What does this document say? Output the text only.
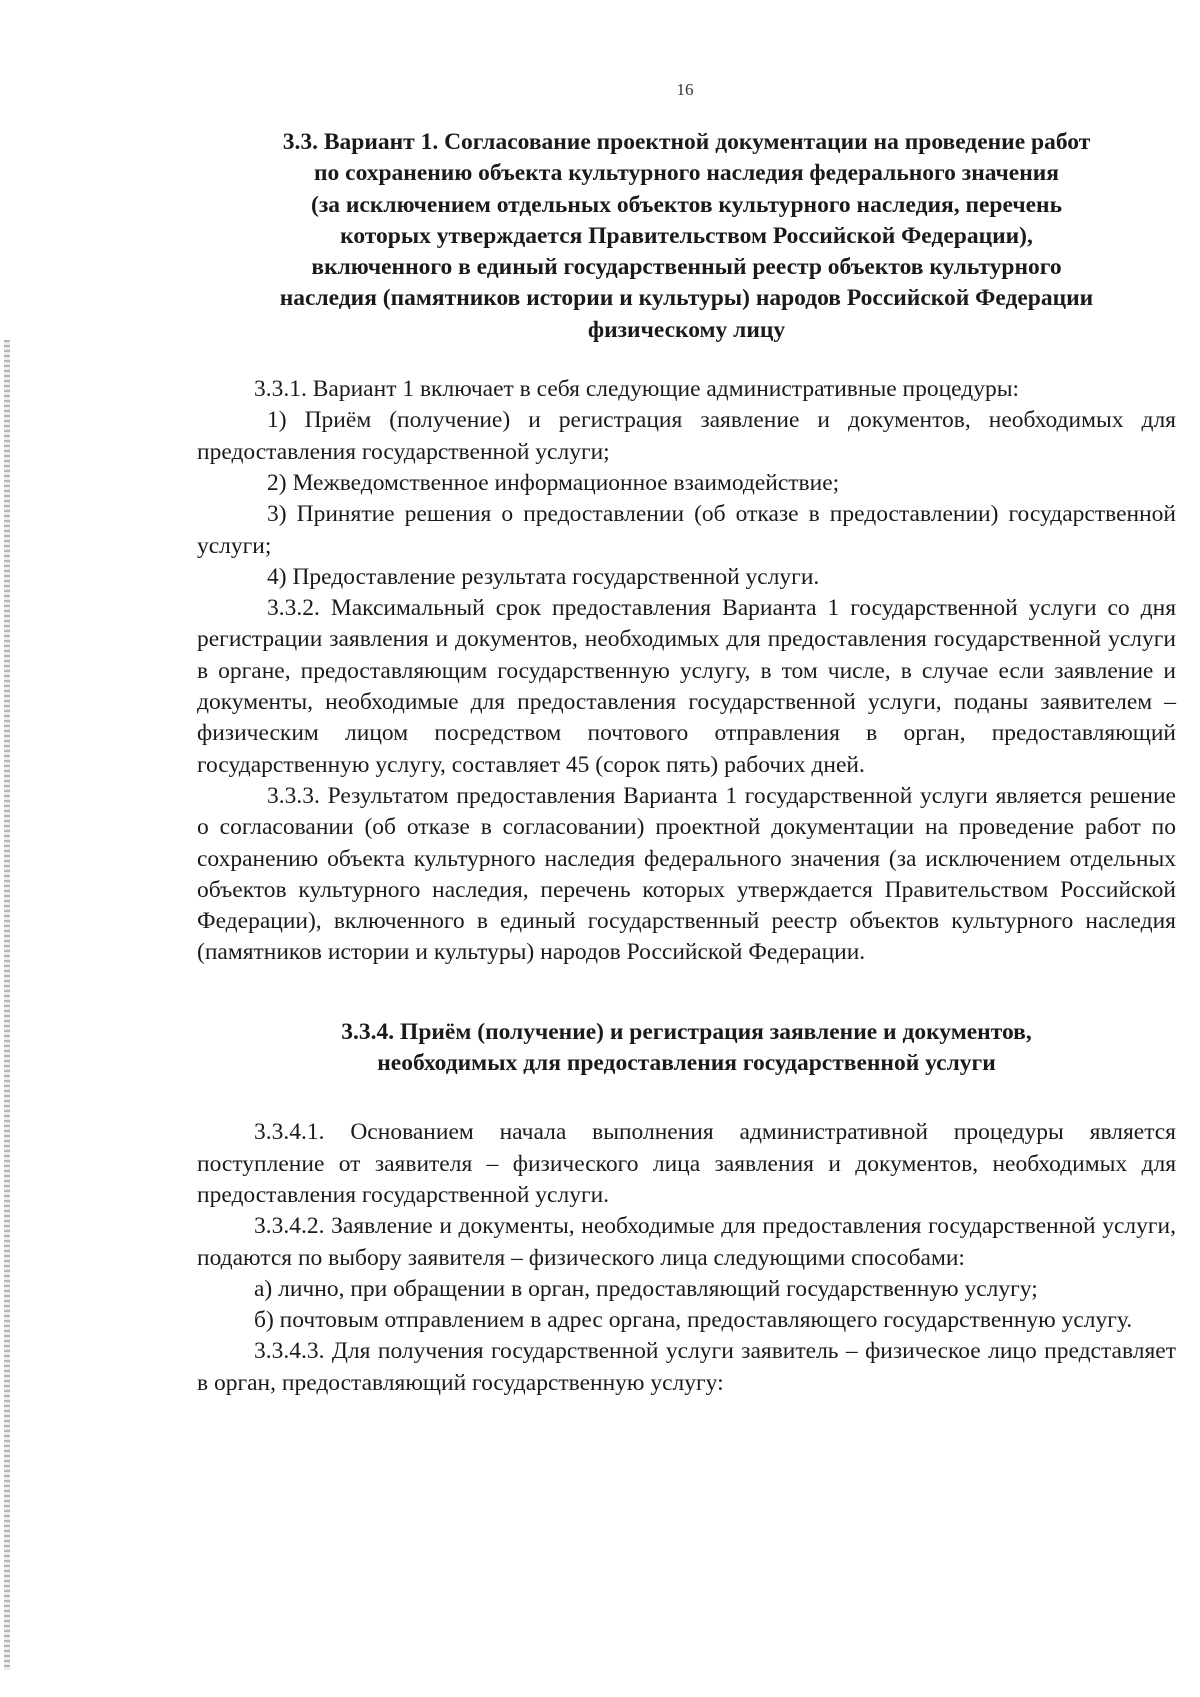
16
3.3. Вариант 1. Согласование проектной документации на проведение работ
по сохранению объекта культурного наследия федерального значения
(за исключением отдельных объектов культурного наследия, перечень
которых утверждается Правительством Российской Федерации),
включенного в единый государственный реестр объектов культурного
наследия (памятников истории и культуры) народов Российской Федерации
физическому лицу

3.3.1. Вариант 1 включает в себя следующие административные процедуры:

1) Приём (получение) и регистрация заявление и документов, необходимых для предоставления государственной услуги;

2) Межведомственное информационное взаимодействие;

3) Принятие решения о предоставлении (об отказе в предоставлении) государственной услуги;

4) Предоставление результата государственной услуги.

3.3.2. Максимальный срок предоставления Варианта 1 государственной услуги со дня регистрации заявления и документов, необходимых для предоставления государственной услуги в органе, предоставляющим государственную услугу, в том числе, в случае если заявление и документы, необходимые для предоставления государственной услуги, поданы заявителем – физическим лицом посредством почтового отправления в орган, предоставляющий государственную услугу, составляет 45 (сорок пять) рабочих дней.

3.3.3. Результатом предоставления Варианта 1 государственной услуги является решение о согласовании (об отказе в согласовании) проектной документации на проведение работ по сохранению объекта культурного наследия федерального значения (за исключением отдельных объектов культурного наследия, перечень которых утверждается Правительством Российской Федерации), включенного в единый государственный реестр объектов культурного наследия (памятников истории и культуры) народов Российской Федерации.

3.3.4. Приём (получение) и регистрация заявление и документов,
необходимых для предоставления государственной услуги

3.3.4.1. Основанием начала выполнения административной процедуры является поступление от заявителя – физического лица заявления и документов, необходимых для предоставления государственной услуги.

3.3.4.2. Заявление и документы, необходимые для предоставления государственной услуги, подаются по выбору заявителя – физического лица следующими способами:

а) лично, при обращении в орган, предоставляющий государственную услугу;

б) почтовым отправлением в адрес органа, предоставляющего государственную услугу.

3.3.4.3. Для получения государственной услуги заявитель – физическое лицо представляет в орган, предоставляющий государственную услугу:
